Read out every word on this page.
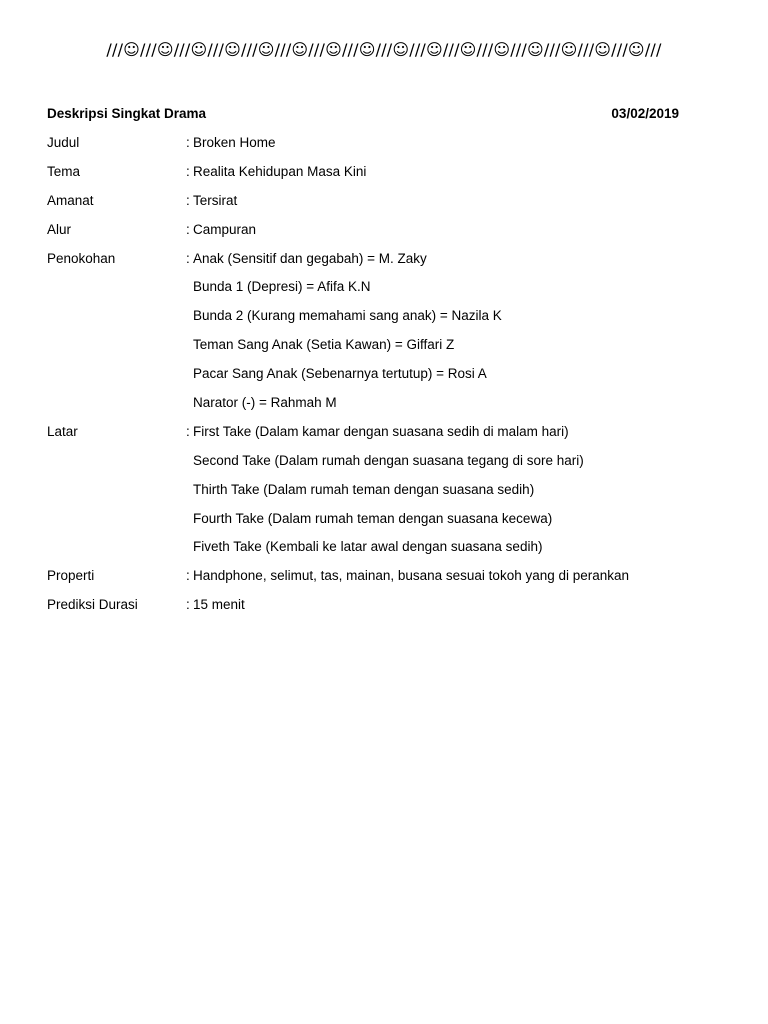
///☺///☺///☺///☺///☺///☺///☺///☺///☺///☺///☺///☺///☺///☺///☺///☺///
Deskripsi Singkat Drama	03/02/2019
Judul	: Broken Home
Tema	: Realita Kehidupan Masa Kini
Amanat	: Tersirat
Alur	: Campuran
Penokohan	: Anak (Sensitif dan gegabah) = M. Zaky
Bunda 1 (Depresi) = Afifa K.N
Bunda 2 (Kurang memahami sang anak) = Nazila K
Teman Sang Anak (Setia Kawan) = Giffari Z
Pacar Sang Anak (Sebenarnya tertutup) = Rosi A
Narator (-) = Rahmah M
Latar	: First Take (Dalam kamar dengan suasana sedih di malam hari)
Second Take (Dalam rumah dengan suasana tegang di sore hari)
Thirth Take (Dalam rumah teman dengan suasana sedih)
Fourth Take (Dalam rumah teman dengan suasana kecewa)
Fiveth Take (Kembali ke latar awal dengan suasana sedih)
Properti	: Handphone, selimut, tas, mainan, busana sesuai tokoh yang di perankan
Prediksi Durasi	: 15 menit
